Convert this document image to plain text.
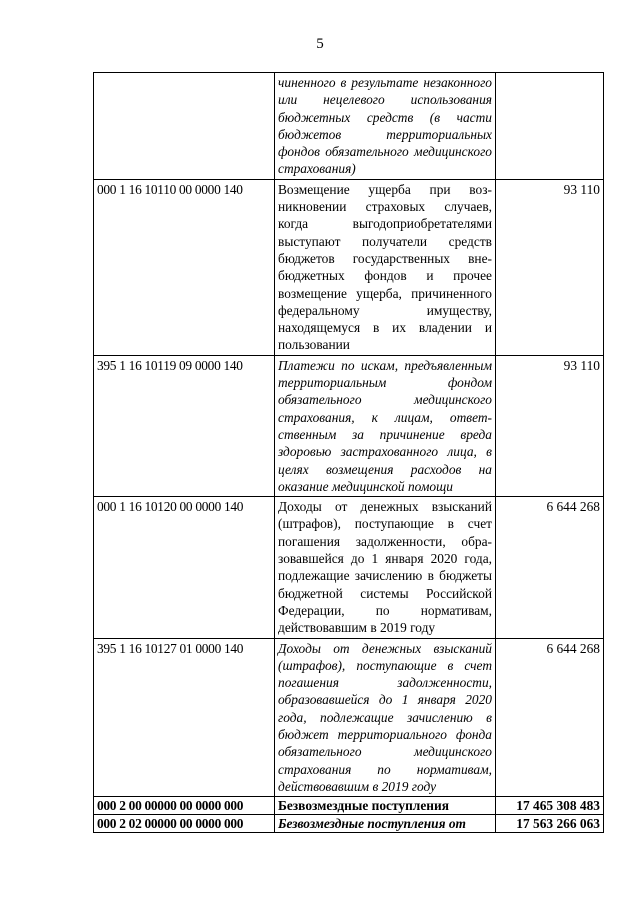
5
	чиненного в результате незаконного или нецелевого использования бюджетных средств (в части бюджетов территориальных фондов обязательного медицинского страхования)	
000 1 16 10110 00 0000 140	Возмещение ущерба при возникновении страховых случаев, когда выгодоприобретателями выступают получатели средств бюджетов государственных внебюджетных фондов и прочее возмещение ущерба, причиненного федеральному имуществу, находящемуся в их владении и пользовании	93 110
395 1 16 10119 09 0000 140	Платежи по искам, предъявленным территориальным фондом обязательного медицинского страхования, к лицам, ответственным за причинение вреда здоровью застрахованного лица, в целях возмещения расходов на оказание медицинской помощи	93 110
000 1 16 10120 00 0000 140	Доходы от денежных взысканий (штрафов), поступающие в счет погашения задолженности, образовавшейся до 1 января 2020 года, подлежащие зачислению в бюджеты бюджетной системы Российской Федерации, по нормативам, действовавшим в 2019 году	6 644 268
395 1 16 10127 01 0000 140	Доходы от денежных взысканий (штрафов), поступающие в счет погашения задолженности, образовавшейся до 1 января 2020 года, подлежащие зачислению в бюджет территориального фонда обязательного медицинского страхования по нормативам, действовавшим в 2019 году	6 644 268
000 2 00 00000 00 0000 000	Безвозмездные поступления	17 465 308 483
000 2 02 00000 00 0000 000	Безвозмездные поступления от	17 563 266 063
